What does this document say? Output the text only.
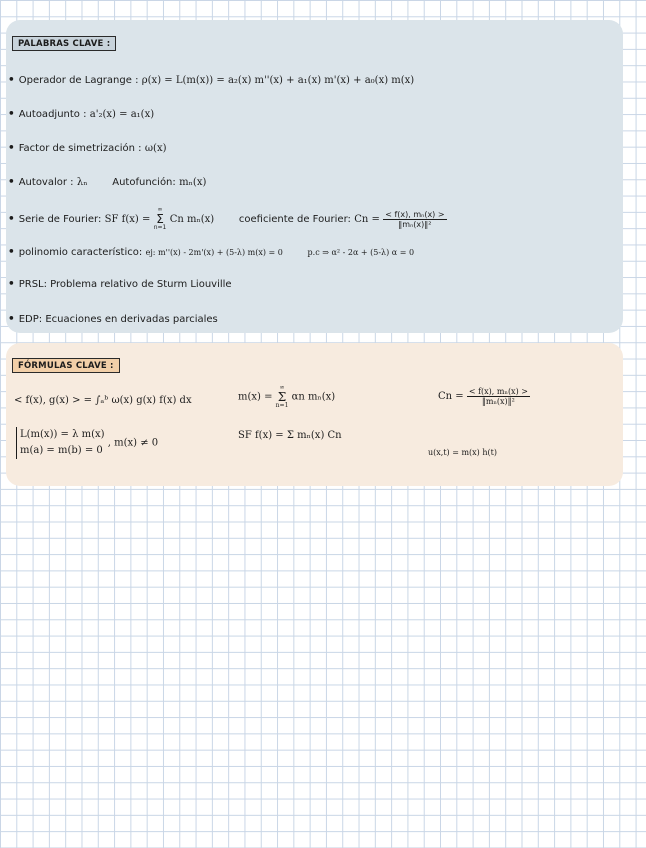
PALABRAS CLAVE :
• Operador de Lagrange : ρ(x) = L(m(x)) = a₂(x) m''(x) + a₁(x) m'(x) + a₀(x) m(x)
• Autoadjunto : a'₂(x) = a₁(x)
• Factor de simetrización : ω(x)
• Autovalor : λₙ Autofunción: mₙ(x)
• Serie de Fourier: SF f(x) = ∞
Σ
n=1 Cn mₙ(x) coeficiente de Fourier: $Cn = \frac{\text{< f(x), mₙ(x) >}}{\text{‖mₙ(x)‖²}}$
• polinomio característico: ej: m''(x) - 2m'(x) + (5-λ) m(x) = 0	p.c ⇒ α² - 2α + (5-λ) α = 0
• PRSL: Problema relativo de Sturm Liouville
• EDP: Ecuaciones en derivadas parciales
FÓRMULAS CLAVE :
< f(x), g(x) > = ∫ₐᵇ ω(x) g(x) f(x) dx	m(x) = ∞
Σ
n=1 αn mₙ(x)	$Cn = \frac{\text{< f(x), mₙ(x) >}}{\text{‖mₙ(x)‖²}}$
L(m(x)) = λ m(x)
m(a) = m(b) = 0
, m(x) ≠ 0
SF f(x) = Σ mₙ(x) Cn
u(x,t) = m(x) h(t)
